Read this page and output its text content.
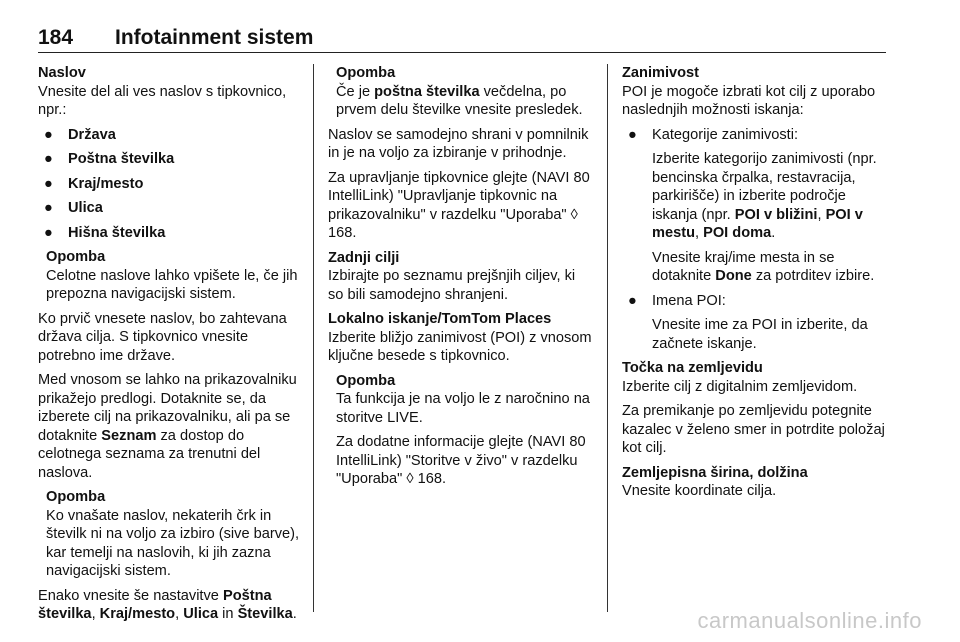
184 Infotainment sistem

Naslov

Vnesite del ali ves naslov s tipkovnico, npr.:

● Država

● Poštna številka

● Kraj/mesto

● Ulica

● Hišna številka

Opomba

Celotne naslove lahko vpišete le, če jih prepozna navigacijski sistem.

Ko prvič vnesete naslov, bo zahtevana država cilja. S tipkovnico vnesite potrebno ime države.

Med vnosom se lahko na prikazovalniku prikažejo predlogi. Dotaknite se, da izberete cilj na prikazovalniku, ali pa se dotaknite Seznam za dostop do celotnega seznama za trenutni del naslova.

Opomba

Ko vnašate naslov, nekaterih črk in številk ni na voljo za izbiro (sive barve), kar temelji na naslovih, ki jih zazna navigacijski sistem.

Enako vnesite še nastavitve Poštna številka, Kraj/mesto, Ulica in Številka.

Opomba

Če je poštna številka večdelna, po prvem delu številke vnesite presledek.

Naslov se samodejno shrani v pomnilnik in je na voljo za izbiranje v prihodnje.

Za upravljanje tipkovnice glejte (NAVI 80 IntelliLink) "Upravljanje tipkovnic na prikazovalniku" v razdelku "Uporaba" ◊ 168.

Zadnji cilji

Izbirajte po seznamu prejšnjih ciljev, ki so bili samodejno shranjeni.

Lokalno iskanje/TomTom Places

Izberite bližjo zanimivost (POI) z vnosom ključne besede s tipkovnico.

Opomba

Ta funkcija je na voljo le z naročnino na storitve LIVE.

Za dodatne informacije glejte (NAVI 80 IntelliLink) "Storitve v živo" v razdelku "Uporaba" ◊ 168.

Zanimivost

POI je mogoče izbrati kot cilj z uporabo naslednjih možnosti iskanja:

● Kategorije zanimivosti:

Izberite kategorijo zanimivosti (npr. bencinska črpalka, restavracija, parkirišče) in izberite področje iskanja (npr. POI v bližini, POI v mestu, POI doma.

Vnesite kraj/ime mesta in se dotaknite Done za potrditev izbire.

● Imena POI:

Vnesite ime za POI in izberite, da začnete iskanje.

Točka na zemljevidu

Izberite cilj z digitalnim zemljevidom.

Za premikanje po zemljevidu potegnite kazalec v želeno smer in potrdite položaj kot cilj.

Zemljepisna širina, dolžina

Vnesite koordinate cilja.

carmanualsonline.info
